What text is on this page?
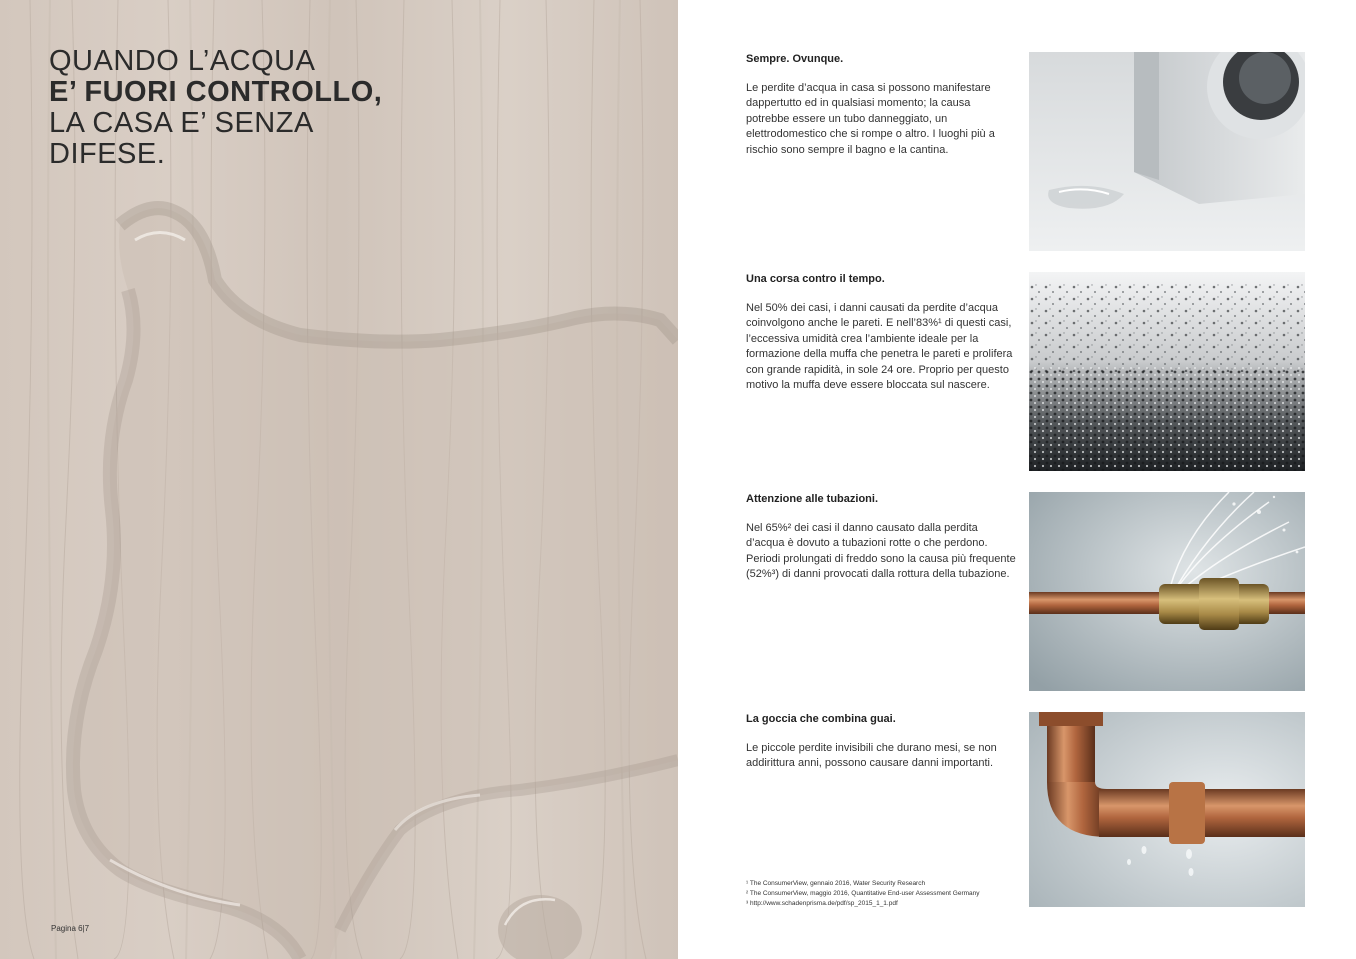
QUANDO L’ACQUA
E’ FUORI CONTROLLO,
LA CASA E’ SENZA
DIFESE.
Pagina 6|7
Sempre. Ovunque.

Le perdite d’acqua in casa si possono manifestare dappertutto ed in qualsiasi momento; la causa potrebbe essere un tubo danneggiato, un elettrodomestico che si rompe o altro. I luoghi più a rischio sono sempre il bagno e la cantina.

Una corsa contro il tempo.

Nel 50% dei casi, i danni causati da perdite d’acqua coinvolgono anche le pareti. E nell’83%¹ di questi casi, l’eccessiva umidità crea l’ambiente ideale per la formazione della muffa che penetra le pareti e prolifera con grande rapidità, in sole 24 ore. Proprio per questo motivo la muffa deve essere bloccata sul nascere.

Attenzione alle tubazioni.

Nel 65%² dei casi il danno causato dalla perdita d’acqua è dovuto a tubazioni rotte o che perdono. Periodi prolungati di freddo sono la causa più frequente (52%³) di danni provocati dalla rottura della tubazione.

La goccia che combina guai.

Le piccole perdite invisibili che durano mesi, se non addirittura anni, possono causare danni importanti.

¹ The ConsumerView, gennaio 2016, Water Security Research
² The ConsumerView, maggio 2016, Quantitative End-user Assessment Germany
³ http://www.schadenprisma.de/pdf/sp_2015_1_1.pdf
